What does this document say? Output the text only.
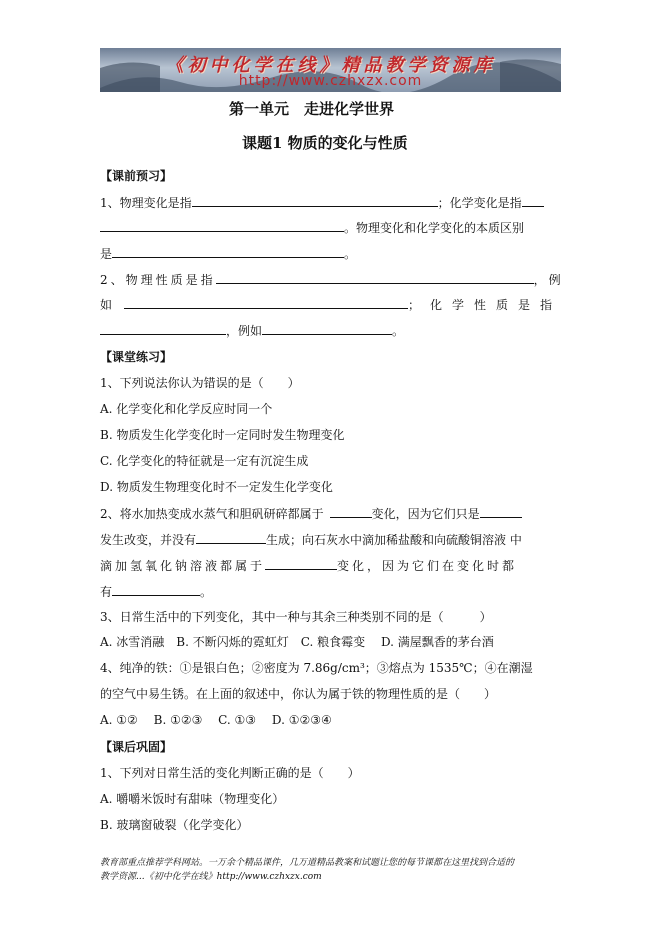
《初中化学在线》精品教学资源库
http://www.czhxzx.com
第一单元　走进化学世界
课题1 物质的变化与性质
【课前预习】
1、物理变化是指	；化学变化是指
。物理变化和化学变化的本质区别
是	。
2、物理性质是指	，例
如 	；化学性质是指
，例如	。
【课堂练习】
1、下列说法你认为错误的是（　　）
A. 化学变化和化学反应时同一个
B. 物质发生化学变化时一定同时发生物理变化
C. 化学变化的特征就是一定有沉淀生成
D. 物质发生物理变化时不一定发生化学变化
2、将水加热变成水蒸气和胆矾研碎都属于 	变化，因为它们只是
发生改变，并没有	生成；向石灰水中滴加稀盐酸和向硫酸铜溶液 中
滴加氢氧化钠溶液都属于	变化，因为它们在变化时都
有	。
3、日常生活中的下列变化，其中一种与其余三种类别不同的是（　　　）
A. 冰雪消融　B. 不断闪烁的霓虹灯　C. 粮食霉变　 D. 满屋飘香的茅台酒
4、纯净的铁：①是银白色；②密度为 7.86g/cm³；③熔点为 1535℃；④在潮湿
的空气中易生锈。在上面的叙述中，你认为属于铁的物理性质的是（　　）
A. ①②　 B. ①②③　 C. ①③　 D. ①②③④
【课后巩固】
1、下列对日常生活的变化判断正确的是（　　）
A. 嚼嚼米饭时有甜味（物理变化）
B. 玻璃窗破裂（化学变化）
教育部重点推荐学科网站。一万余个精品课件，几万道精品教案和试题让您的每节课都在这里找到合适的
教学资源...《初中化学在线》http://www.czhxzx.com
